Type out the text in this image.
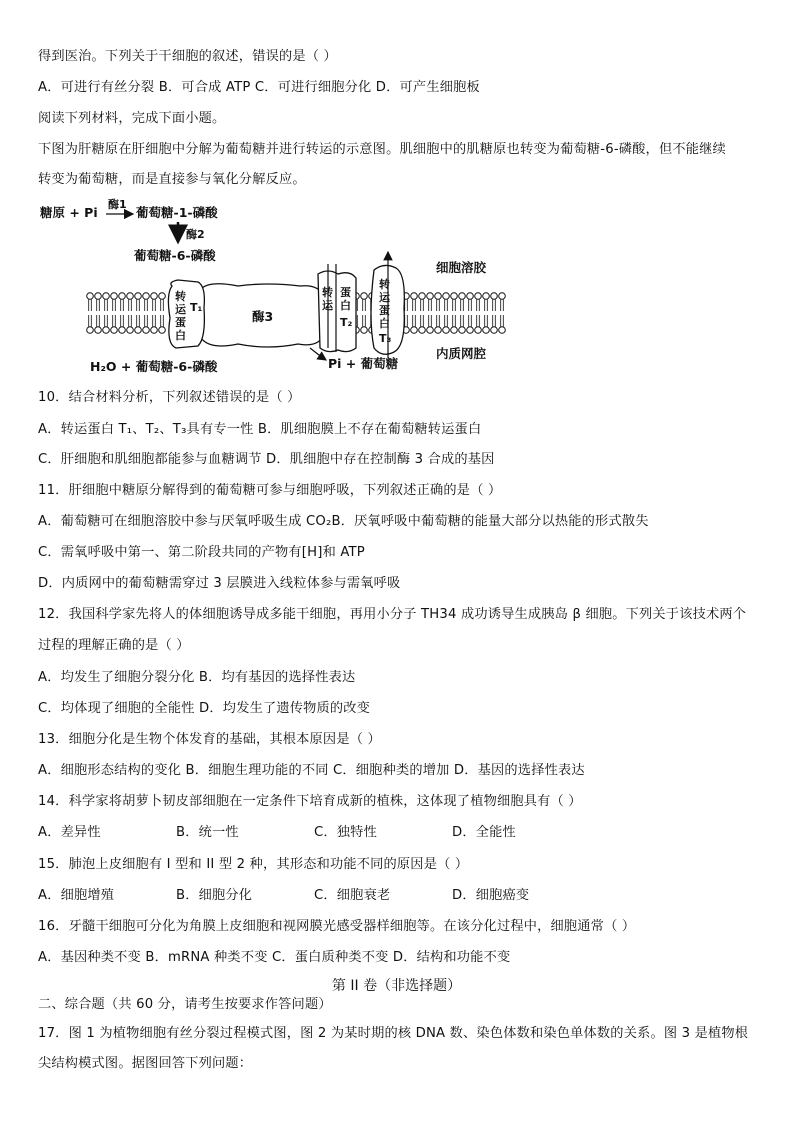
得到医治。下列关于干细胞的叙述，错误的是（ ）
A．可进行有丝分裂 B．可合成 ATP C．可进行细胞分化 D．可产生细胞板
阅读下列材料，完成下面小题。
下图为肝糖原在肝细胞中分解为葡萄糖并进行转运的示意图。肌细胞中的肌糖原也转变为葡萄糖-6-磷酸，但不能继续
转变为葡萄糖，而是直接参与氧化分解反应。
糖原 + Pi
酶1
葡萄糖-1-磷酸
酶2
葡萄糖-6-磷酸
细胞溶胶
内质网腔
酶3
转
运
蛋
白
T₁
转
运
蛋
白
T₂
转
运
蛋
白
T₃
H₂O + 葡萄糖-6-磷酸	Pi + 葡萄糖
10．结合材料分析，下列叙述错误的是（ ）
A．转运蛋白 T₁、T₂、T₃具有专一性 B．肌细胞膜上不存在葡萄糖转运蛋白
C．肝细胞和肌细胞都能参与血糖调节 D．肌细胞中存在控制酶 3 合成的基因
11．肝细胞中糖原分解得到的葡萄糖可参与细胞呼吸，下列叙述正确的是（ ）
A．葡萄糖可在细胞溶胶中参与厌氧呼吸生成 CO₂B．厌氧呼吸中葡萄糖的能量大部分以热能的形式散失
C．需氧呼吸中第一、第二阶段共同的产物有[H]和 ATP
D．内质网中的葡萄糖需穿过 3 层膜进入线粒体参与需氧呼吸
12．我国科学家先将人的体细胞诱导成多能干细胞，再用小分子 TH34 成功诱导生成胰岛 β 细胞。下列关于该技术两个
过程的理解正确的是（ ）
A．均发生了细胞分裂分化 B．均有基因的选择性表达
C．均体现了细胞的全能性 D．均发生了遗传物质的改变
13．细胞分化是生物个体发育的基础，其根本原因是（ ）
A．细胞形态结构的变化 B．细胞生理功能的不同 C．细胞种类的增加 D．基因的选择性表达
14．科学家将胡萝卜韧皮部细胞在一定条件下培育成新的植株，这体现了植物细胞具有（ ）
A．差异性	B．统一性	C．独特性	D．全能性
15．肺泡上皮细胞有 I 型和 II 型 2 种，其形态和功能不同的原因是（ ）
A．细胞增殖	B．细胞分化	C．细胞衰老	D．细胞癌变
16．牙髓干细胞可分化为角膜上皮细胞和视网膜光感受器样细胞等。在该分化过程中，细胞通常（ ）
A．基因种类不变 B．mRNA 种类不变 C．蛋白质种类不变 D．结构和功能不变
第 II 卷（非选择题）
二、综合题（共 60 分，请考生按要求作答问题）
17．图 1 为植物细胞有丝分裂过程模式图，图 2 为某时期的核 DNA 数、染色体数和染色单体数的关系。图 3 是植物根
尖结构模式图。据图回答下列问题：
